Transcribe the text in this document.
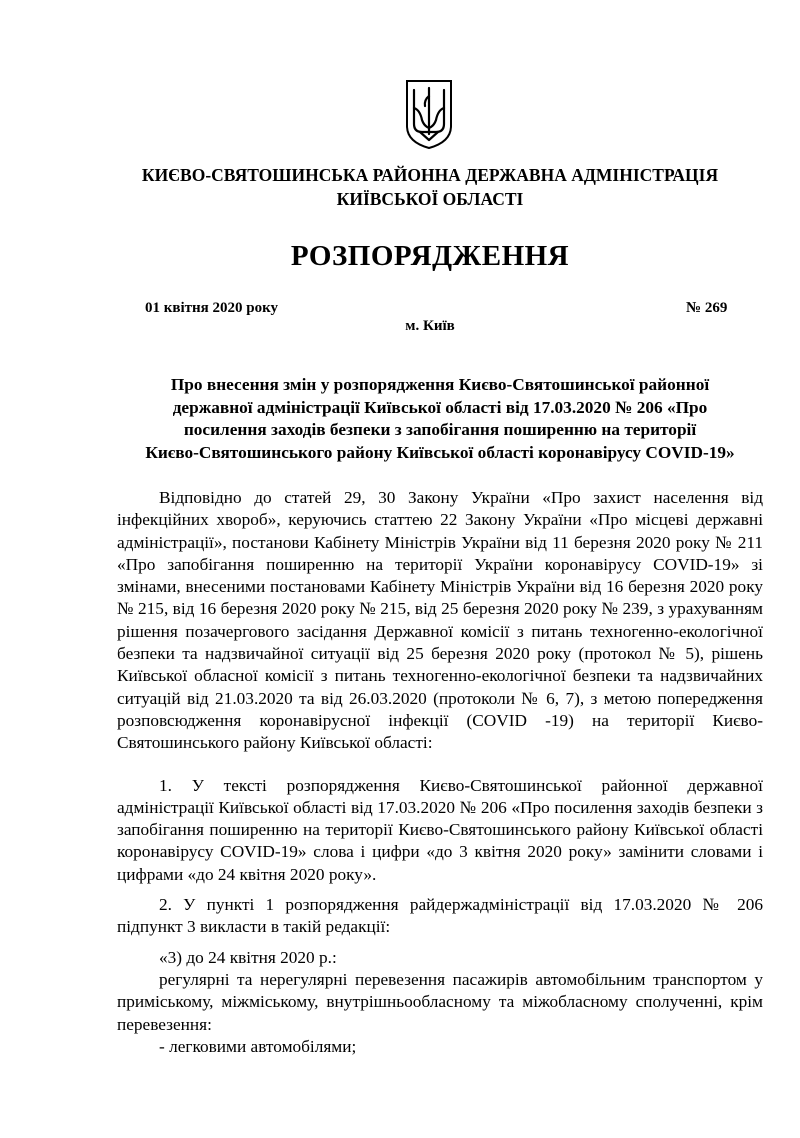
КИЄВО-СВЯТОШИНСЬКА РАЙОННА ДЕРЖАВНА АДМІНІСТРАЦІЯ
КИЇВСЬКОЇ ОБЛАСТІ
РОЗПОРЯДЖЕННЯ
01 квітня 2020 року	№ 269
м. Київ
Про внесення змін у розпорядження Києво-Святошинської районної
державної адміністрації Київської області від 17.03.2020 № 206 «Про
посилення заходів безпеки з запобігання поширенню на території
Києво-Святошинського району Київської області коронавірусу COVID-19»

Відповідно до статей 29, 30 Закону України «Про захист населення від інфекційних хвороб», керуючись статтею 22 Закону України «Про місцеві державні адміністрації», постанови Кабінету Міністрів України від 11 березня 2020 року № 211 «Про запобігання поширенню на території України коронавірусу COVID-19» зі змінами, внесеними постановами Кабінету Міністрів України від 16 березня 2020 року № 215, від 16 березня 2020 року № 215, від 25 березня 2020 року № 239, з урахуванням рішення позачергового засідання Державної комісії з питань техногенно-екологічної безпеки та надзвичайної ситуації від 25 березня 2020 року (протокол № 5), рішень Київської обласної комісії з питань техногенно-екологічної безпеки та надзвичайних ситуацій від 21.03.2020 та від 26.03.2020 (протоколи № 6, 7), з метою попередження розповсюдження коронавірусної інфекції (COVID -19) на території Києво-Святошинського району Київської області:

1. У тексті розпорядження Києво-Святошинської районної державної адміністрації Київської області від 17.03.2020 № 206 «Про посилення заходів безпеки з запобігання поширенню на території Києво-Святошинського району Київської області коронавірусу COVID-19» слова і цифри «до 3 квітня 2020 року» замінити словами і цифрами «до 24 квітня 2020 року».

2. У пункті 1 розпорядження райдержадміністрації від 17.03.2020 № 206 підпункт 3 викласти в такій редакції:

«3) до 24 квітня 2020 р.:

регулярні та нерегулярні перевезення пасажирів автомобільним транспортом у приміському, міжміському, внутрішньообласному та міжобласному сполученні, крім перевезення:

- легковими автомобілями;
